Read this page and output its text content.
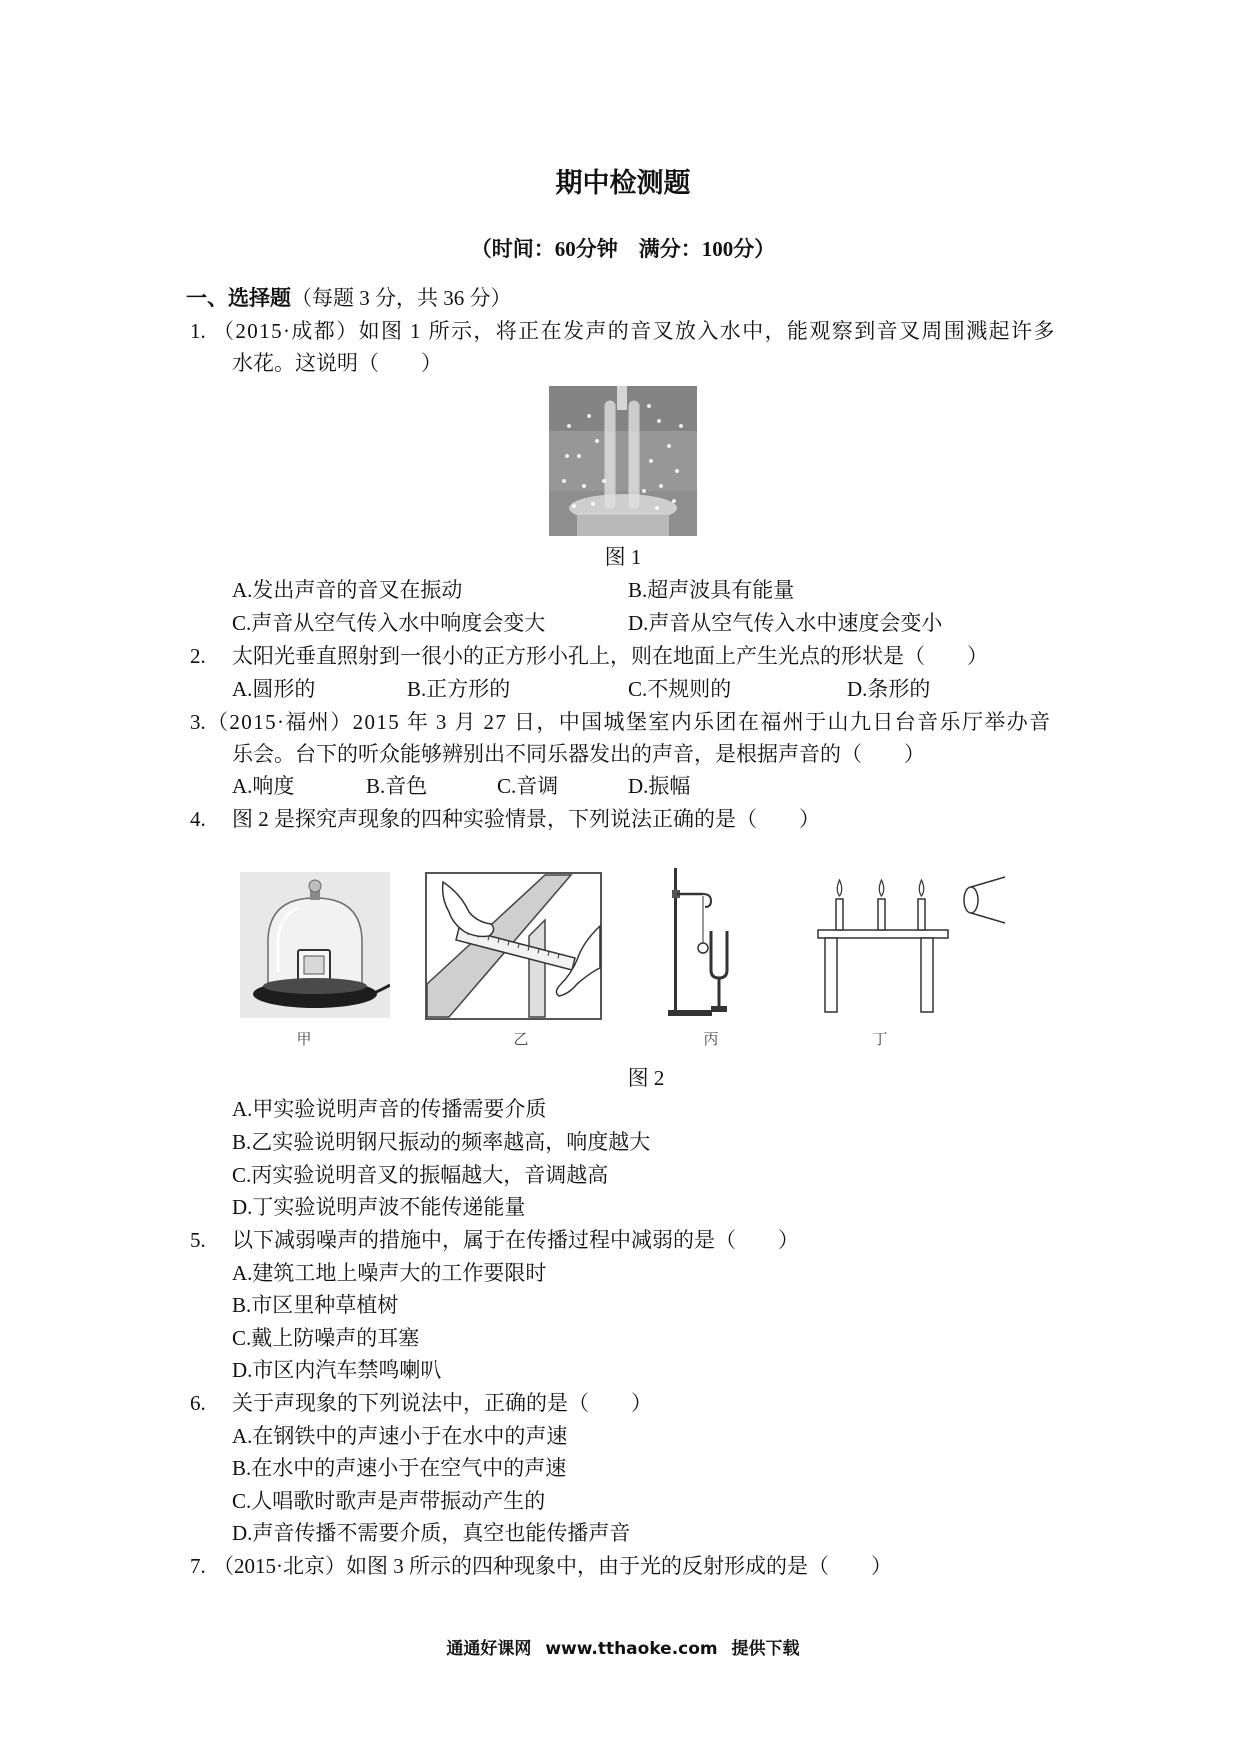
期中检测题
（时间：60分钟　满分：100分）
一、选择题（每题 3 分，共 36 分）
1. （2015·成都）如图 1 所示，将正在发声的音叉放入水中，能观察到音叉周围溅起许多
水花。这说明（　　）
图 1
A.发出声音的音叉在振动	B.超声波具有能量
C.声音从空气传入水中响度会变大	D.声音从空气传入水中速度会变小
2. 太阳光垂直照射到一很小的正方形小孔上，则在地面上产生光点的形状是（　　）
A.圆形的	B.正方形的	C.不规则的	D.条形的
3. （2015·福州）2015 年 3 月 27 日，中国城堡室内乐团在福州于山九日台音乐厅举办音
乐会。台下的听众能够辨别出不同乐器发出的声音，是根据声音的（　　）
A.响度	B.音色	C.音调	D.振幅
4. 图 2 是探究声现象的四种实验情景，下列说法正确的是（　　）
甲	乙	丙	丁
图 2
A.甲实验说明声音的传播需要介质
B.乙实验说明钢尺振动的频率越高，响度越大
C.丙实验说明音叉的振幅越大，音调越高
D.丁实验说明声波不能传递能量
5. 以下减弱噪声的措施中，属于在传播过程中减弱的是（　　）
A.建筑工地上噪声大的工作要限时
B.市区里种草植树
C.戴上防噪声的耳塞
D.市区内汽车禁鸣喇叭
6. 关于声现象的下列说法中，正确的是（　　）
A.在钢铁中的声速小于在水中的声速
B.在水中的声速小于在空气中的声速
C.人唱歌时歌声是声带振动产生的
D.声音传播不需要介质，真空也能传播声音
7. （2015·北京）如图 3 所示的四种现象中，由于光的反射形成的是（　　）
通通好课网 www.tthaoke.com 提供下载
